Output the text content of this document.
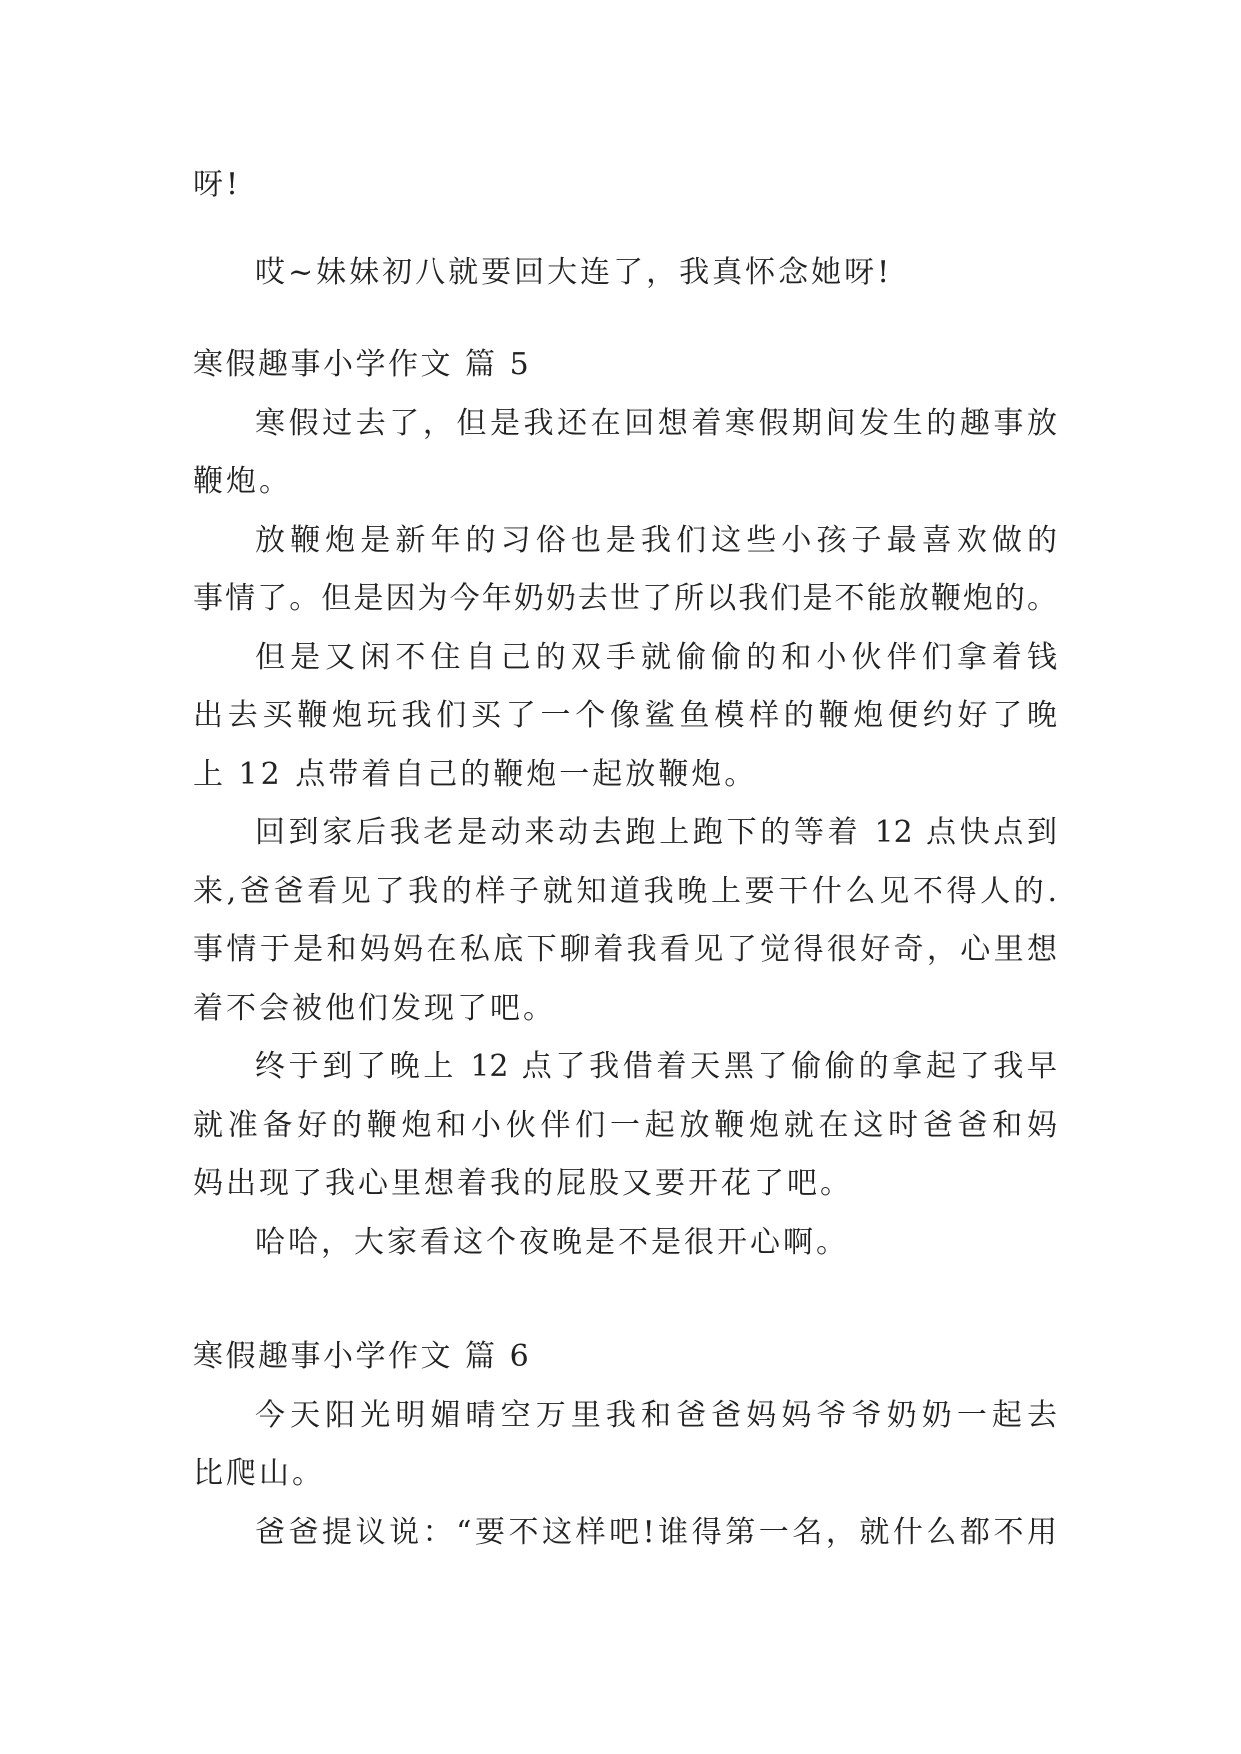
呀!
哎~妹妹初八就要回大连了，我真怀念她呀!
寒假趣事小学作文 篇 5
寒假过去了，但是我还在回想着寒假期间发生的趣事放
鞭炮。
放鞭炮是新年的习俗也是我们这些小孩子最喜欢做的
事情了。但是因为今年奶奶去世了所以我们是不能放鞭炮的。
但是又闲不住自己的双手就偷偷的和小伙伴们拿着钱
出去买鞭炮玩我们买了一个像鲨鱼模样的鞭炮便约好了晚
上 12 点带着自己的鞭炮一起放鞭炮。
回到家后我老是动来动去跑上跑下的等着 12 点快点到
来,爸爸看见了我的样子就知道我晚上要干什么见不得人的.
事情于是和妈妈在私底下聊着我看见了觉得很好奇，心里想
着不会被他们发现了吧。
终于到了晚上 12 点了我借着天黑了偷偷的拿起了我早
就准备好的鞭炮和小伙伴们一起放鞭炮就在这时爸爸和妈
妈出现了我心里想着我的屁股又要开花了吧。
哈哈，大家看这个夜晚是不是很开心啊。
寒假趣事小学作文 篇 6
今天阳光明媚晴空万里我和爸爸妈妈爷爷奶奶一起去
比爬山。
爸爸提议说：“要不这样吧!谁得第一名，就什么都不用
